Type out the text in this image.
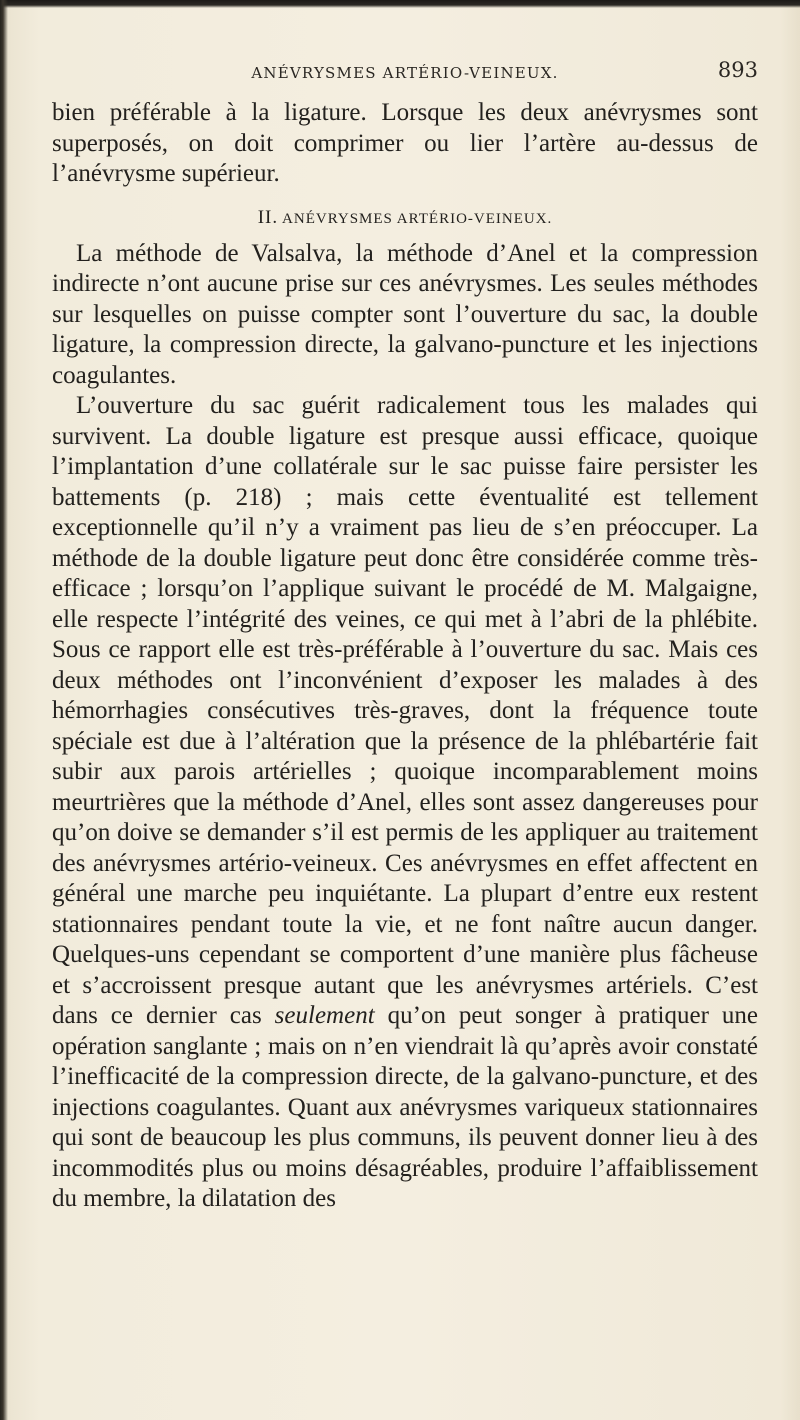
ANÉVRYSMES ARTÉRIO-VEINEUX.	893

bien préférable à la ligature. Lorsque les deux anévrysmes sont superposés, on doit comprimer ou lier l’artère au-dessus de l’anévrysme supérieur.

II. ANÉVRYSMES ARTÉRIO-VEINEUX.

La méthode de Valsalva, la méthode d’Anel et la compression indirecte n’ont aucune prise sur ces anévrysmes. Les seules méthodes sur lesquelles on puisse compter sont l’ouverture du sac, la double ligature, la compression directe, la galvano-puncture et les injections coagulantes.

L’ouverture du sac guérit radicalement tous les malades qui survivent. La double ligature est presque aussi efficace, quoique l’implantation d’une collatérale sur le sac puisse faire persister les battements (p. 218) ; mais cette éventualité est tellement exceptionnelle qu’il n’y a vraiment pas lieu de s’en préoccuper. La méthode de la double ligature peut donc être considérée comme très-efficace ; lorsqu’on l’applique suivant le procédé de M. Malgaigne, elle respecte l’intégrité des veines, ce qui met à l’abri de la phlébite. Sous ce rapport elle est très-préférable à l’ouverture du sac. Mais ces deux méthodes ont l’inconvénient d’exposer les malades à des hémorrhagies consécutives très-graves, dont la fréquence toute spéciale est due à l’altération que la présence de la phlébartérie fait subir aux parois artérielles ; quoique incomparablement moins meurtrières que la méthode d’Anel, elles sont assez dangereuses pour qu’on doive se demander s’il est permis de les appliquer au traitement des anévrysmes artério-veineux. Ces anévrysmes en effet affectent en général une marche peu inquiétante. La plupart d’entre eux restent stationnaires pendant toute la vie, et ne font naître aucun danger. Quelques-uns cependant se comportent d’une manière plus fâcheuse et s’accroissent presque autant que les anévrysmes artériels. C’est dans ce dernier cas seulement qu’on peut songer à pratiquer une opération sanglante ; mais on n’en viendrait là qu’après avoir constaté l’inefficacité de la compression directe, de la galvano-puncture, et des injections coagulantes. Quant aux anévrysmes variqueux stationnaires qui sont de beaucoup les plus communs, ils peuvent donner lieu à des incommodités plus ou moins désagréables, produire l’affaiblissement du membre, la dilatation des
